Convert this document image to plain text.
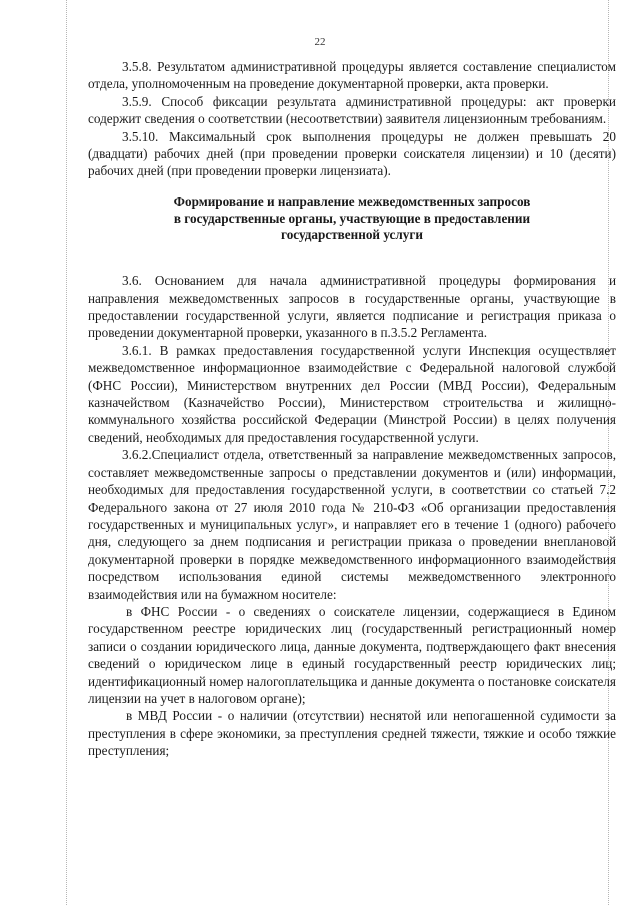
22

3.5.8. Результатом административной процедуры является составление специалистом отдела, уполномоченным на проведение документарной проверки, акта проверки.

3.5.9. Способ фиксации результата административной процедуры: акт проверки содержит сведения о соответствии (несоответствии) заявителя лицензионным требованиям.

3.5.10. Максимальный срок выполнения процедуры не должен превышать 20 (двадцати) рабочих дней (при проведении проверки соискателя лицензии) и 10 (десяти) рабочих дней (при проведении проверки лицензиата).

Формирование и направление межведомственных запросов
в государственные органы, участвующие в предоставлении
государственной услуги

3.6. Основанием для начала административной процедуры формирования и направления межведомственных запросов в государственные органы, участвующие в предоставлении государственной услуги, является подписание и регистрация приказа о проведении документарной проверки, указанного в п.3.5.2 Регламента.

3.6.1. В рамках предоставления государственной услуги Инспекция осуществляет межведомственное информационное взаимодействие с Федеральной налоговой службой (ФНС России), Министерством внутренних дел России (МВД России), Федеральным казначейством (Казначейство России), Министерством строительства и жилищно-коммунального хозяйства российской Федерации (Минстрой России) в целях получения сведений, необходимых для предоставления государственной услуги.

3.6.2.Специалист отдела, ответственный за направление межведомственных запросов, составляет межведомственные запросы о представлении документов и (или) информации, необходимых для предоставления государственной услуги, в соответствии со статьей 7.2 Федерального закона от 27 июля 2010 года № 210-ФЗ «Об организации предоставления государственных и муниципальных услуг», и направляет его в течение 1 (одного) рабочего дня, следующего за днем подписания и регистрации приказа о проведении внеплановой документарной проверки в порядке межведомственного информационного взаимодействия посредством использования единой системы межведомственного электронного взаимодействия или на бумажном носителе:

в ФНС России - о сведениях о соискателе лицензии, содержащиеся в Едином государственном реестре юридических лиц (государственный регистрационный номер записи о создании юридического лица, данные документа, подтверждающего факт внесения сведений о юридическом лице в единый государственный реестр юридических лиц; идентификационный номер налогоплательщика и данные документа о постановке соискателя лицензии на учет в налоговом органе);

в МВД России - о наличии (отсутствии) неснятой или непогашенной судимости за преступления в сфере экономики, за преступления средней тяжести, тяжкие и особо тяжкие преступления;
